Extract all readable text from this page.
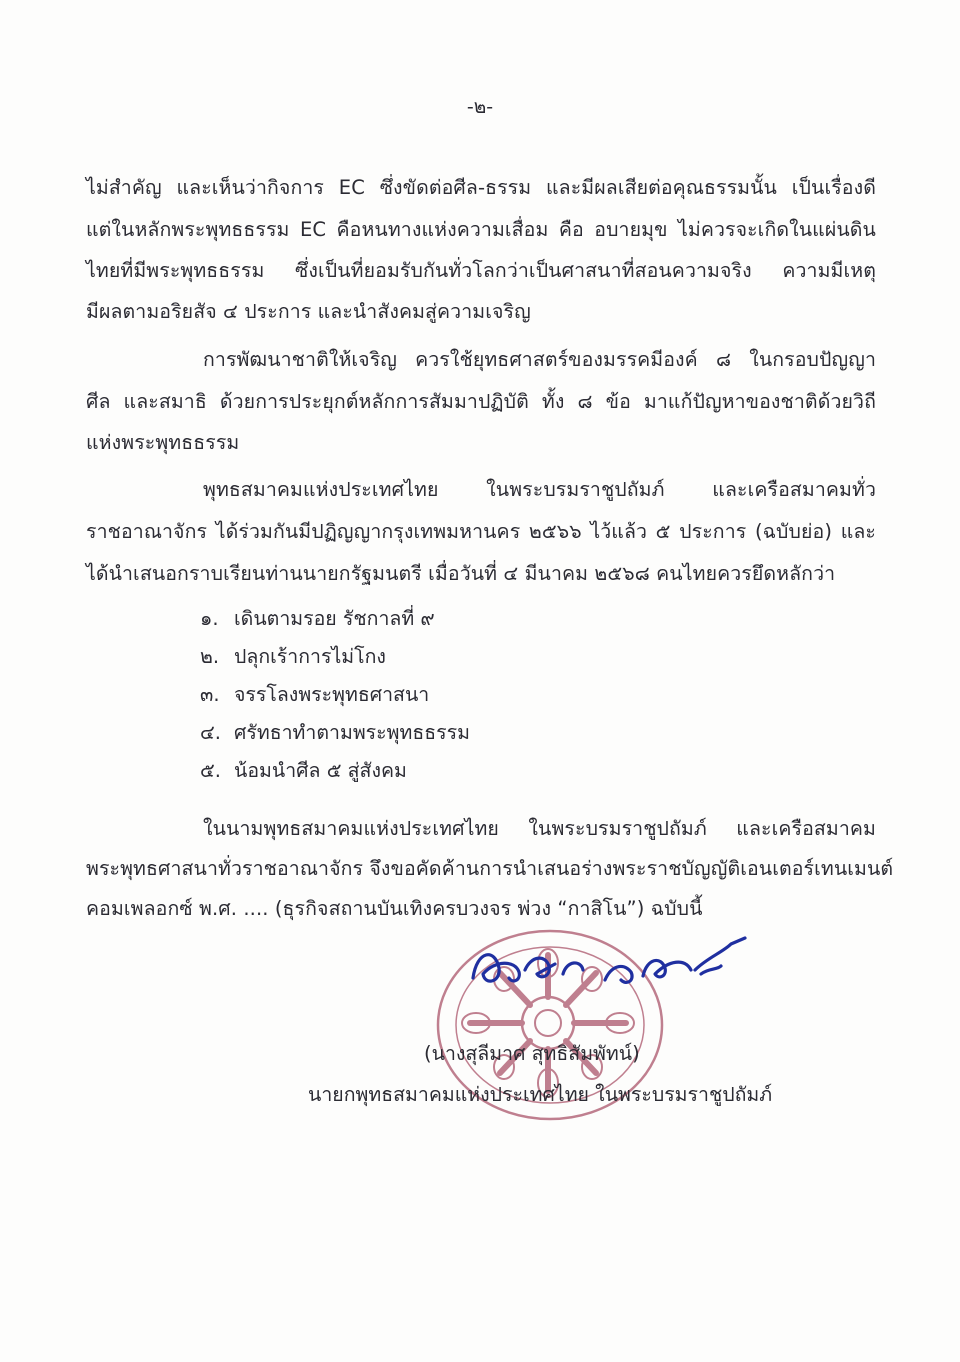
-๒-
ไม่สำคัญ และเห็นว่ากิจการ EC ซึ่งขัดต่อศีล-ธรรม และมีผลเสียต่อคุณธรรมนั้น เป็นเรื่องดี
แต่ในหลักพระพุทธธรรม EC คือหนทางแห่งความเสื่อม คือ อบายมุข ไม่ควรจะเกิดในแผ่นดิน
ไทยที่มีพระพุทธธรรม ซึ่งเป็นที่ยอมรับกันทั่วโลกว่าเป็นศาสนาที่สอนความจริง ความมีเหตุ
มีผลตามอริยสัจ ๔ ประการ และนำสังคมสู่ความเจริญ
การพัฒนาชาติให้เจริญ ควรใช้ยุทธศาสตร์ของมรรคมีองค์ ๘ ในกรอบปัญญา
ศีล และสมาธิ ด้วยการประยุกต์หลักการสัมมาปฏิบัติ ทั้ง ๘ ข้อ มาแก้ปัญหาของชาติด้วยวิถี
แห่งพระพุทธธรรม
พุทธสมาคมแห่งประเทศไทย ในพระบรมราชูปถัมภ์ และเครือสมาคมทั่ว
ราชอาณาจักร ได้ร่วมกันมีปฏิญญากรุงเทพมหานคร ๒๕๖๖ ไว้แล้ว ๕ ประการ (ฉบับย่อ) และ
ได้นำเสนอกราบเรียนท่านนายกรัฐมนตรี เมื่อวันที่ ๔ มีนาคม ๒๕๖๘ คนไทยควรยึดหลักว่า
๑. เดินตามรอย รัชกาลที่ ๙
๒. ปลุกเร้าการไม่โกง
๓. จรรโลงพระพุทธศาสนา
๔. ศรัทธาทำตามพระพุทธธรรม
๕. น้อมนำศีล ๕ สู่สังคม
ในนามพุทธสมาคมแห่งประเทศไทย ในพระบรมราชูปถัมภ์ และเครือสมาคม
พระพุทธศาสนาทั่วราชอาณาจักร จึงขอคัดค้านการนำเสนอร่างพระราชบัญญัติเอนเตอร์เทนเมนต์
คอมเพลอกซ์ พ.ศ. .... (ธุรกิจสถานบันเทิงครบวงจร พ่วง “กาสิโน”) ฉบับนี้
(นางสุลีมาศ สุทธิสัมพัทน์)
นายกพุทธสมาคมแห่งประเทศไทย ในพระบรมราชูปถัมภ์
